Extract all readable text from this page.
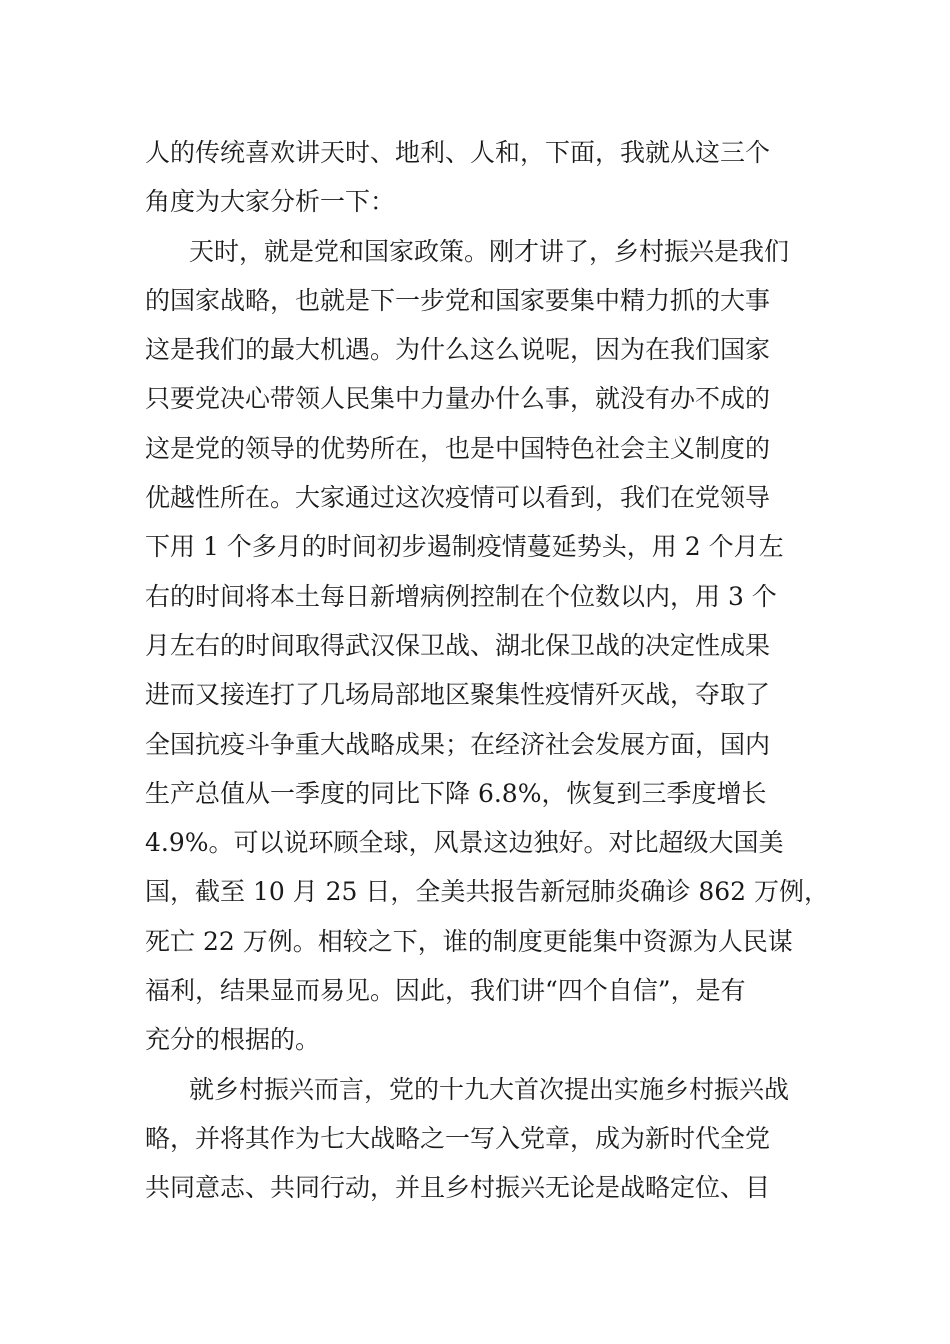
人的传统喜欢讲天时、地利、人和，下面，我就从这三个
角度为大家分析一下：
天时，就是党和国家政策。刚才讲了，乡村振兴是我们
的国家战略，也就是下一步党和国家要集中精力抓的大事
这是我们的最大机遇。为什么这么说呢，因为在我们国家
只要党决心带领人民集中力量办什么事，就没有办不成的
这是党的领导的优势所在，也是中国特色社会主义制度的
优越性所在。大家通过这次疫情可以看到，我们在党领导
下用 1 个多月的时间初步遏制疫情蔓延势头，用 2 个月左
右的时间将本土每日新增病例控制在个位数以内，用 3 个
月左右的时间取得武汉保卫战、湖北保卫战的决定性成果
进而又接连打了几场局部地区聚集性疫情歼灭战，夺取了
全国抗疫斗争重大战略成果；在经济社会发展方面，国内
生产总值从一季度的同比下降 6.8%，恢复到三季度增长
4.9%。可以说环顾全球，风景这边独好。对比超级大国美
国，截至 10 月 25 日，全美共报告新冠肺炎确诊 862 万例，
死亡 22 万例。相较之下，谁的制度更能集中资源为人民谋
福利，结果显而易见。因此，我们讲“四个自信”，是有
充分的根据的。
就乡村振兴而言，党的十九大首次提出实施乡村振兴战
略，并将其作为七大战略之一写入党章，成为新时代全党
共同意志、共同行动，并且乡村振兴无论是战略定位、目
